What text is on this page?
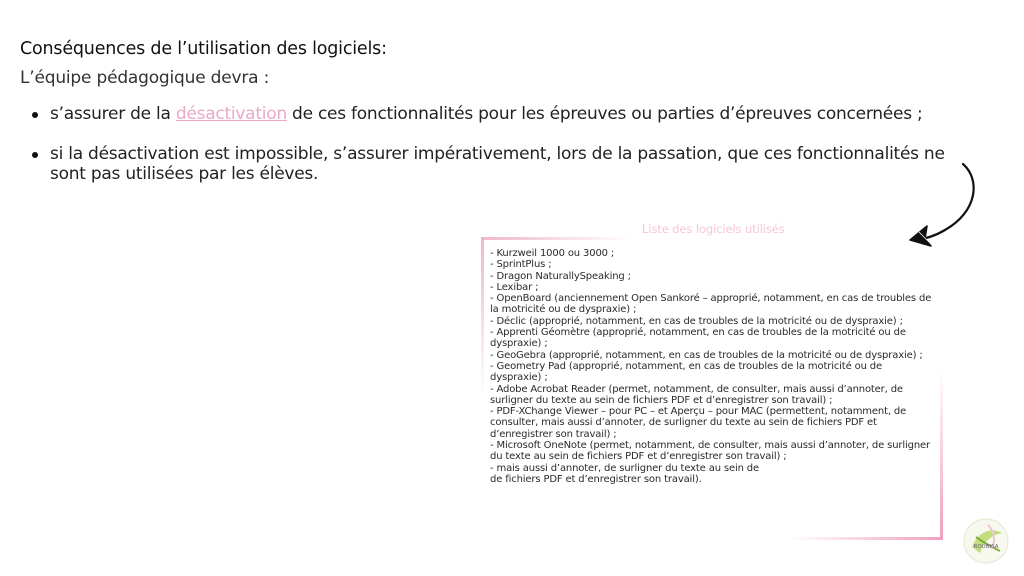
Conséquences de l’utilisation des logiciels:
L’équipe pédagogique devra :
s’assurer de la désactivation de ces fonctionnalités pour les épreuves ou parties d’épreuves concernées ;
si la désactivation est impossible, s’assurer impérativement, lors de la passation, que ces fonctionnalités ne sont pas utilisées par les élèves.
Liste des logiciels utilisés
- Kurzweil 1000 ou 3000 ;
- SprintPlus ;
- Dragon NaturallySpeaking ;
- Lexibar ;
- OpenBoard (anciennement Open Sankoré – approprié, notamment, en cas de troubles de la motricité ou de dyspraxie) ;
- Déclic (approprié, notamment, en cas de troubles de la motricité ou de dyspraxie) ;
- Apprenti Géomètre (approprié, notamment, en cas de troubles de la motricité ou de dyspraxie) ;
- GeoGebra (approprié, notamment, en cas de troubles de la motricité ou de dyspraxie) ;
- Geometry Pad (approprié, notamment, en cas de troubles de la motricité ou de dyspraxie) ;
- Adobe Acrobat Reader (permet, notamment, de consulter, mais aussi d’annoter, de surligner du texte au sein de fichiers PDF et d’enregistrer son travail) ;
- PDF-XChange Viewer – pour PC – et Aperçu – pour MAC (permettent, notamment, de consulter, mais aussi d’annoter, de surligner du texte au sein de fichiers PDF et d’enregistrer son travail) ;
- Microsoft OneNote (permet, notamment, de consulter, mais aussi d’annoter, de surligner du texte au sein de fichiers PDF et d’enregistrer son travail) ;
- mais aussi d’annoter, de surligner du texte au sein de
de fichiers PDF et d’enregistrer son travail).
ROUBISA
